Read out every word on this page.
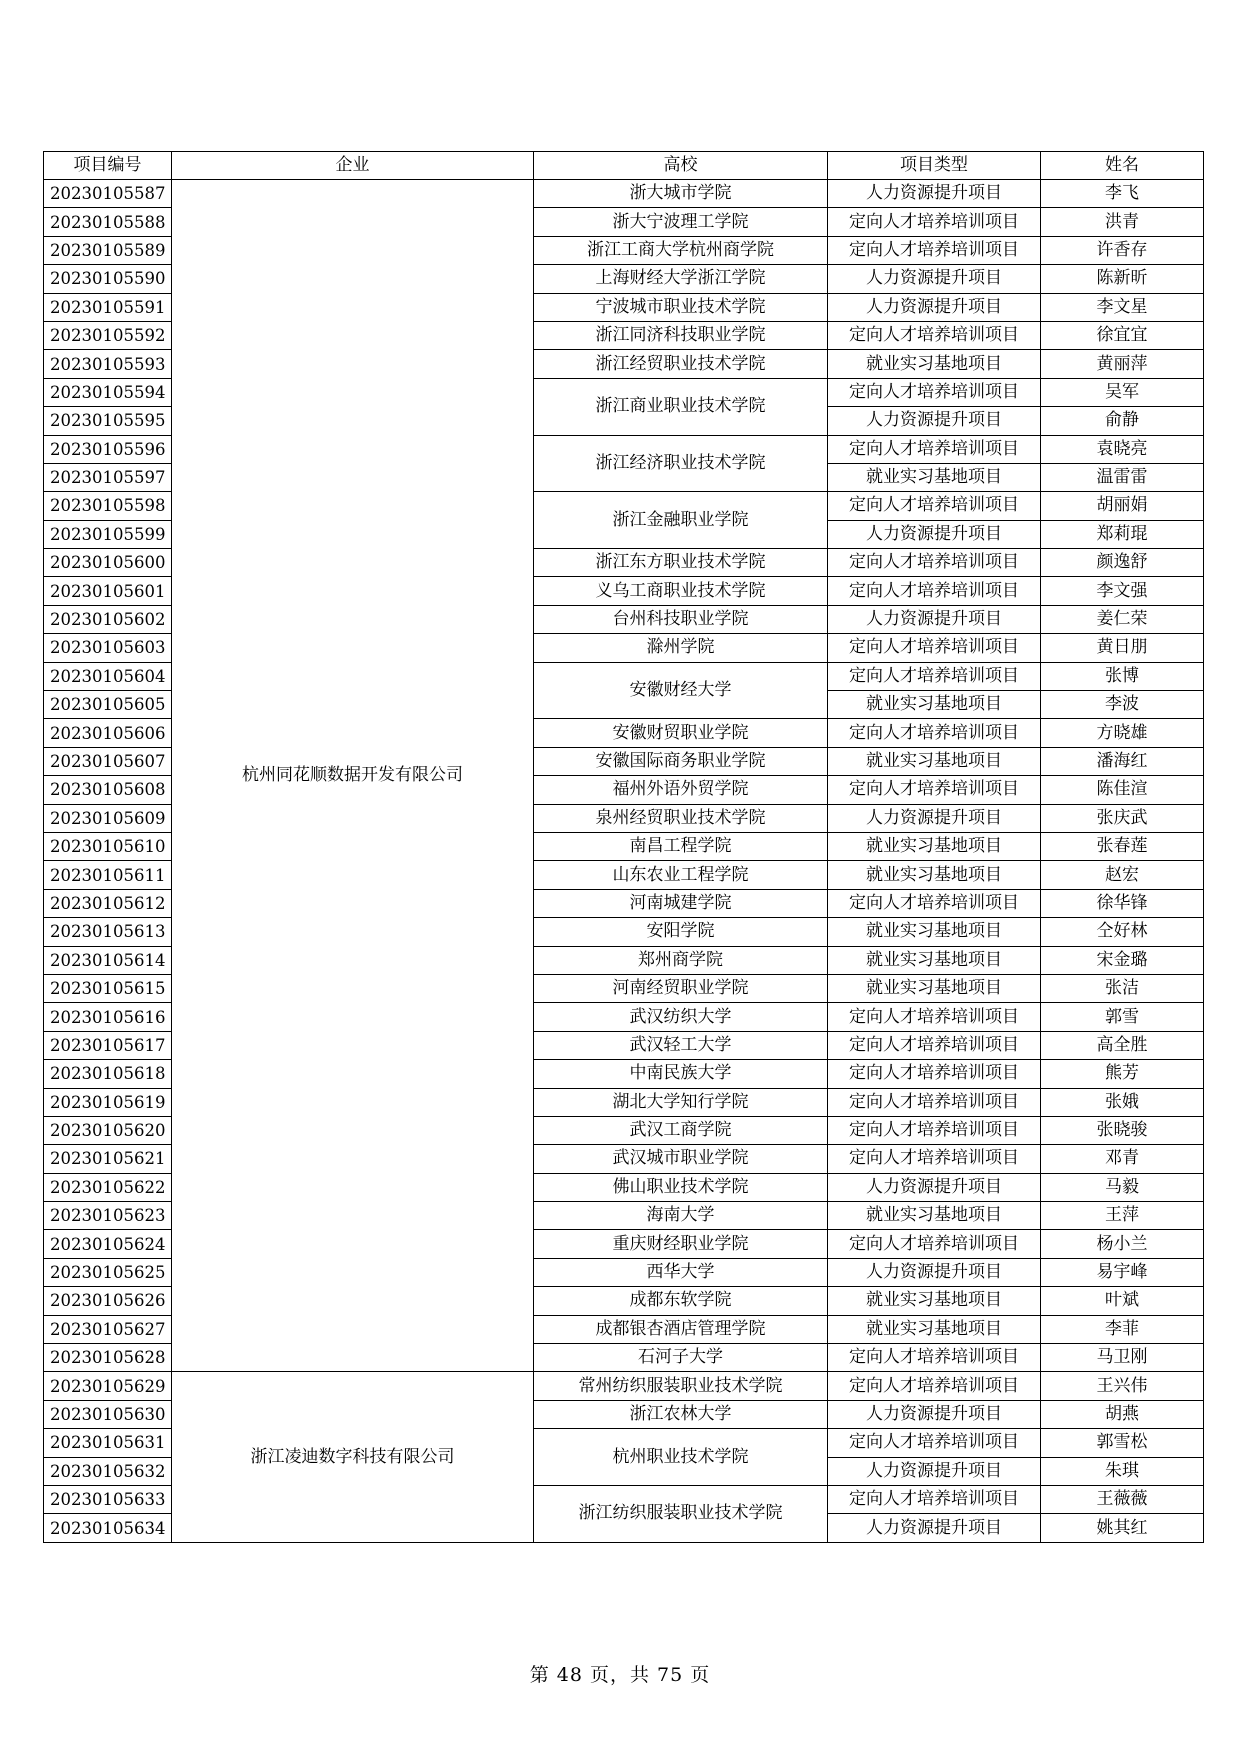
项目编号	企业	高校	项目类型	姓名
20230105587	杭州同花顺数据开发有限公司	浙大城市学院	人力资源提升项目	李飞
20230105588		浙大宁波理工学院	定向人才培养培训项目	洪青
20230105589		浙江工商大学杭州商学院	定向人才培养培训项目	许香存
20230105590		上海财经大学浙江学院	人力资源提升项目	陈新昕
20230105591		宁波城市职业技术学院	人力资源提升项目	李文星
20230105592		浙江同济科技职业学院	定向人才培养培训项目	徐宜宜
20230105593		浙江经贸职业技术学院	就业实习基地项目	黄丽萍
20230105594		浙江商业职业技术学院	定向人才培养培训项目	吴军
20230105595			人力资源提升项目	俞静
20230105596		浙江经济职业技术学院	定向人才培养培训项目	袁晓亮
20230105597			就业实习基地项目	温雷雷
20230105598		浙江金融职业学院	定向人才培养培训项目	胡丽娟
20230105599			人力资源提升项目	郑莉琨
20230105600		浙江东方职业技术学院	定向人才培养培训项目	颜逸舒
20230105601		义乌工商职业技术学院	定向人才培养培训项目	李文强
20230105602		台州科技职业学院	人力资源提升项目	姜仁荣
20230105603		滁州学院	定向人才培养培训项目	黄日朋
20230105604		安徽财经大学	定向人才培养培训项目	张博
20230105605			就业实习基地项目	李波
20230105606		安徽财贸职业学院	定向人才培养培训项目	方晓雄
20230105607		安徽国际商务职业学院	就业实习基地项目	潘海红
20230105608		福州外语外贸学院	定向人才培养培训项目	陈佳渲
20230105609		泉州经贸职业技术学院	人力资源提升项目	张庆武
20230105610		南昌工程学院	就业实习基地项目	张春莲
20230105611		山东农业工程学院	就业实习基地项目	赵宏
20230105612		河南城建学院	定向人才培养培训项目	徐华锋
20230105613		安阳学院	就业实习基地项目	仝好林
20230105614		郑州商学院	就业实习基地项目	宋金璐
20230105615		河南经贸职业学院	就业实习基地项目	张洁
20230105616		武汉纺织大学	定向人才培养培训项目	郭雪
20230105617		武汉轻工大学	定向人才培养培训项目	高全胜
20230105618		中南民族大学	定向人才培养培训项目	熊芳
20230105619		湖北大学知行学院	定向人才培养培训项目	张娥
20230105620		武汉工商学院	定向人才培养培训项目	张晓骏
20230105621		武汉城市职业学院	定向人才培养培训项目	邓青
20230105622		佛山职业技术学院	人力资源提升项目	马毅
20230105623		海南大学	就业实习基地项目	王萍
20230105624		重庆财经职业学院	定向人才培养培训项目	杨小兰
20230105625		西华大学	人力资源提升项目	易宇峰
20230105626		成都东软学院	就业实习基地项目	叶斌
20230105627		成都银杏酒店管理学院	就业实习基地项目	李菲
20230105628		石河子大学	定向人才培养培训项目	马卫刚
20230105629	浙江凌迪数字科技有限公司	常州纺织服装职业技术学院	定向人才培养培训项目	王兴伟
20230105630		浙江农林大学	人力资源提升项目	胡燕
20230105631		杭州职业技术学院	定向人才培养培训项目	郭雪松
20230105632			人力资源提升项目	朱琪
20230105633		浙江纺织服装职业技术学院	定向人才培养培训项目	王薇薇
20230105634			人力资源提升项目	姚其红
第 48 页，共 75 页
